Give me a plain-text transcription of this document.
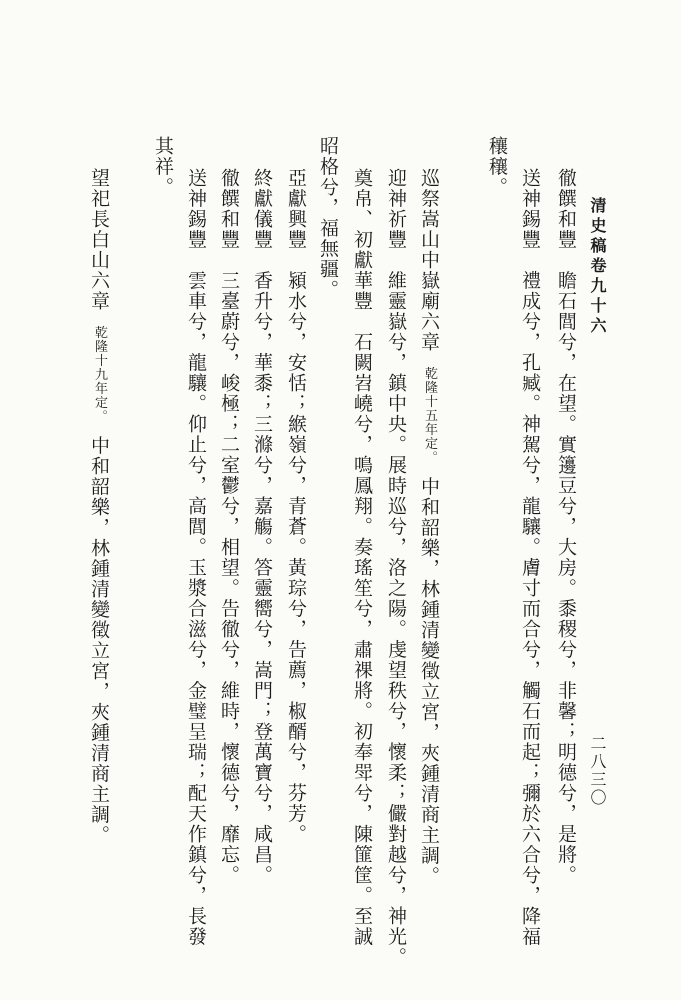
清史稿卷九十六
二八三〇
徹饌和豐　瞻石閭兮，在望。實籩豆兮，大房。黍稷兮，非馨；明德兮，是將。
送神錫豐　禮成兮，孔臧。神駕兮，龍驤。膚寸而合兮，觸石而起；彌於六合兮，降福
穰穰。
巡祭嵩山中嶽廟六章乾隆十五年定。中和韶樂，林鍾清變徵立宮，夾鍾清商主調。
迎神祈豐　維靈嶽兮，鎮中央。展時巡兮，洛之陽。虔望秩兮，懷柔；儼對越兮，神光。
奠帛、初獻華豐　石闕岧嶢兮，鳴鳳翔。奏瑤笙兮，肅祼將。初奉斝兮，陳篚筐。至誠
昭格兮，福無疆。
亞獻興豐　潁水兮，安恬；緱嶺兮，青蒼。黃琮兮，告薦，椒醑兮，芬芳。
終獻儀豐　香升兮，華黍；三滌兮，嘉觴。答靈嚮兮，嵩門；登萬寶兮，咸昌。
徹饌和豐　三臺蔚兮，峻極；二室鬱兮，相望。告徹兮，維時，懷德兮，靡忘。
送神錫豐　雲車兮，龍驤。仰止兮，高閭。玉漿合滋兮，金璧呈瑞；配天作鎮兮，長發
其祥。
望祀長白山六章乾隆十九年定。中和韶樂，林鍾清變徵立宮，夾鍾清商主調。
